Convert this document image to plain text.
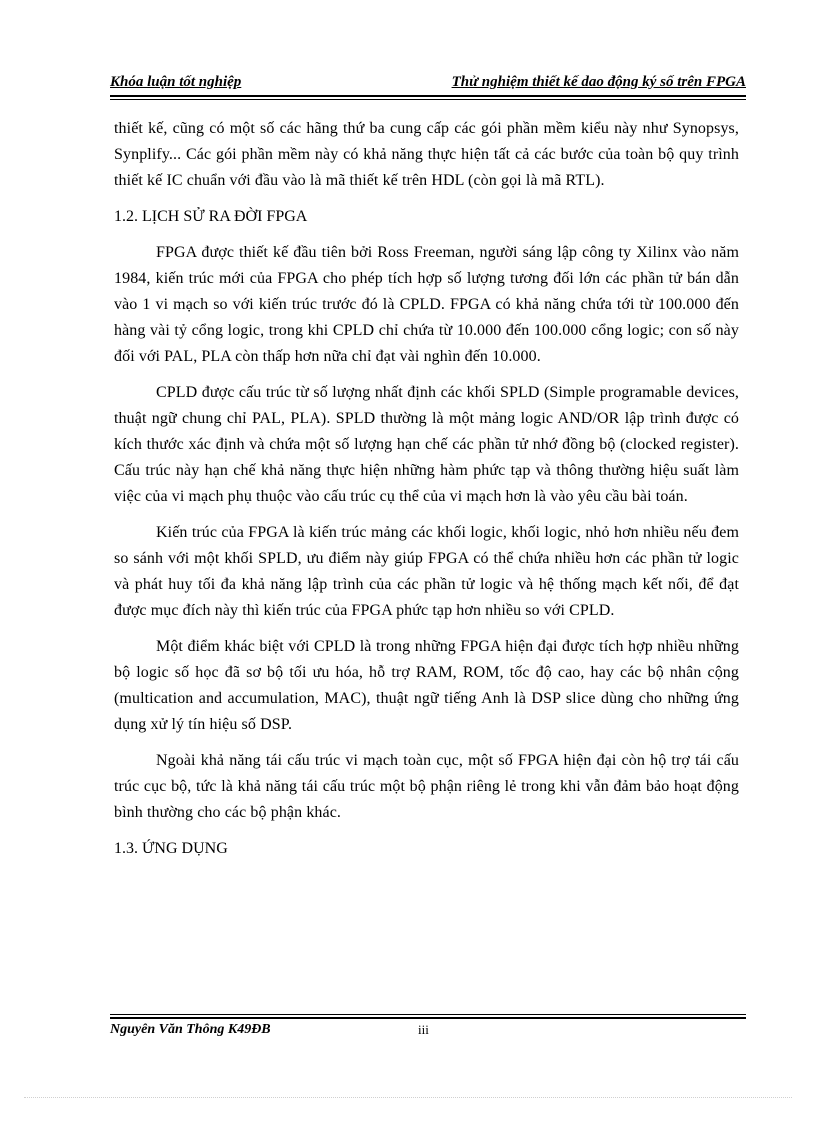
Khóa luận tốt nghiệp	Thử nghiệm thiết kế dao động ký số trên FPGA

thiết kế, cũng có một số các hãng thứ ba cung cấp các gói phần mềm kiểu này như Synopsys, Synplify... Các gói phần mềm này có khả năng thực hiện tất cả các bước của toàn bộ quy trình thiết kế IC chuẩn với đầu vào là mã thiết kế trên HDL (còn gọi là mã RTL).

1.2. LỊCH SỬ RA ĐỜI FPGA

FPGA được thiết kế đầu tiên bởi Ross Freeman, người sáng lập công ty Xilinx vào năm 1984, kiến trúc mới của FPGA cho phép tích hợp số lượng tương đối lớn các phần tử bán dẫn vào 1 vi mạch so với kiến trúc trước đó là CPLD. FPGA có khả năng chứa tới từ 100.000 đến hàng vài tỷ cổng logic, trong khi CPLD chỉ chứa từ 10.000 đến 100.000 cổng logic; con số này đối với PAL, PLA còn thấp hơn nữa chỉ đạt vài nghìn đến 10.000.

CPLD được cấu trúc từ số lượng nhất định các khối SPLD (Simple programable devices, thuật ngữ chung chỉ PAL, PLA). SPLD thường là một mảng logic AND/OR lập trình được có kích thước xác định và chứa một số lượng hạn chế các phần tử nhớ đồng bộ (clocked register). Cấu trúc này hạn chế khả năng thực hiện những hàm phức tạp và thông thường hiệu suất làm việc của vi mạch phụ thuộc vào cấu trúc cụ thể của vi mạch hơn là vào yêu cầu bài toán.

Kiến trúc của FPGA là kiến trúc mảng các khối logic, khối logic, nhỏ hơn nhiều nếu đem so sánh với một khối SPLD, ưu điểm này giúp FPGA có thể chứa nhiều hơn các phần tử logic và phát huy tối đa khả năng lập trình của các phần tử logic và hệ thống mạch kết nối, để đạt được mục đích này thì kiến trúc của FPGA phức tạp hơn nhiều so với CPLD.

Một điểm khác biệt với CPLD là trong những FPGA hiện đại được tích hợp nhiều những bộ logic số học đã sơ bộ tối ưu hóa, hỗ trợ RAM, ROM, tốc độ cao, hay các bộ nhân cộng (multication and accumulation, MAC), thuật ngữ tiếng Anh là DSP slice dùng cho những ứng dụng xử lý tín hiệu số DSP.

Ngoài khả năng tái cấu trúc vi mạch toàn cục, một số FPGA hiện đại còn hộ trợ tái cấu trúc cục bộ, tức là khả năng tái cấu trúc một bộ phận riêng lẻ trong khi vẫn đảm bảo hoạt động bình thường cho các bộ phận khác.

1.3. ỨNG DỤNG
Nguyên Văn Thông K49ĐB	iii
